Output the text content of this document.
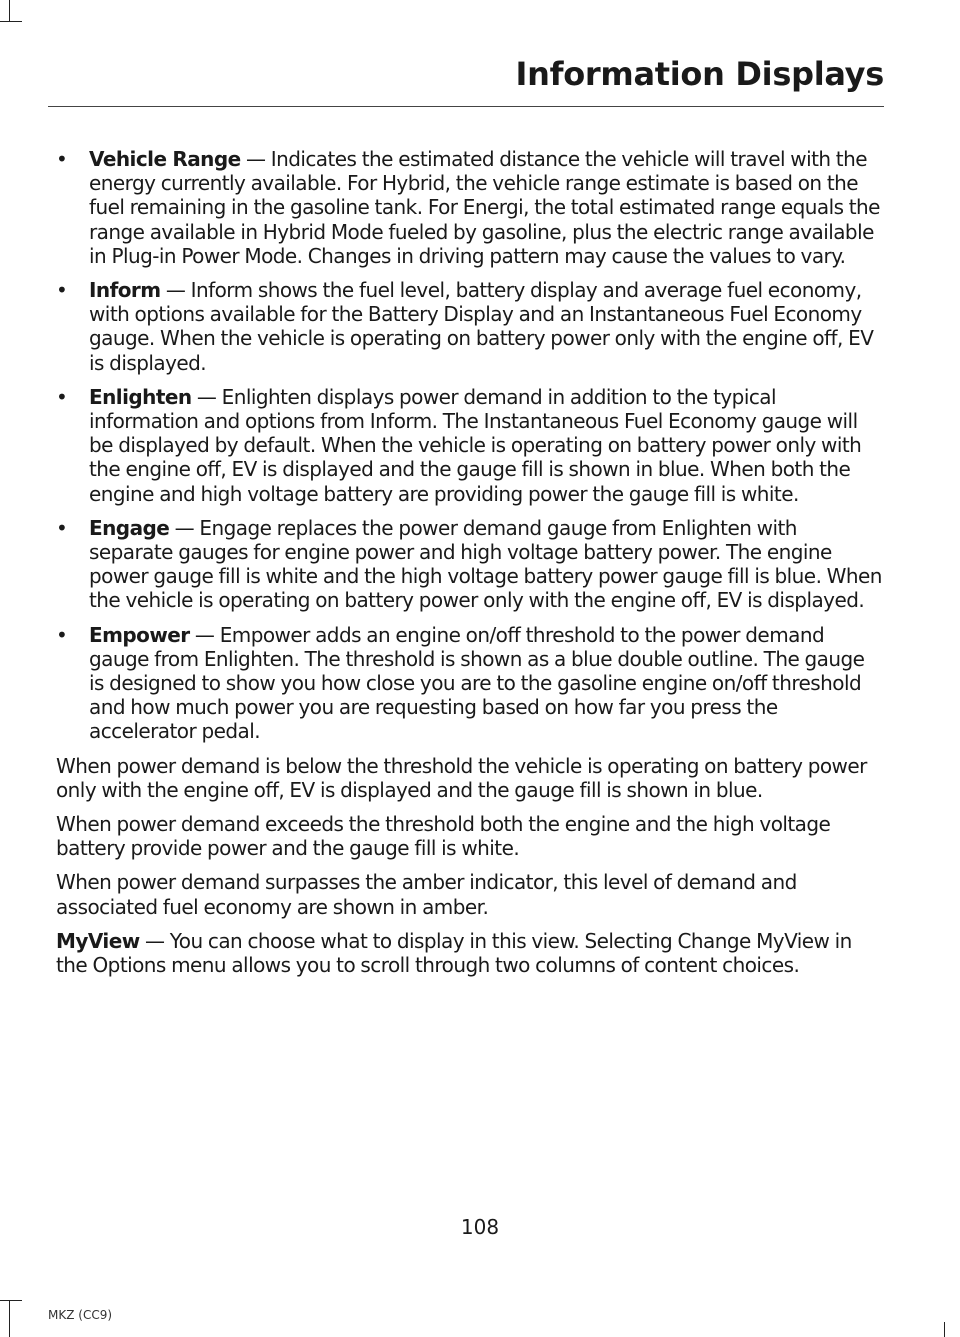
Information Displays
• Vehicle Range — Indicates the estimated distance the vehicle will travel with the energy currently available. For Hybrid, the vehicle range estimate is based on the fuel remaining in the gasoline tank. For Energi, the total estimated range equals the range available in Hybrid Mode fueled by gasoline, plus the electric range available in Plug-in Power Mode. Changes in driving pattern may cause the values to vary.
• Inform — Inform shows the fuel level, battery display and average fuel economy, with options available for the Battery Display and an Instantaneous Fuel Economy gauge. When the vehicle is operating on battery power only with the engine off, EV is displayed.
• Enlighten — Enlighten displays power demand in addition to the typical information and options from Inform. The Instantaneous Fuel Economy gauge will be displayed by default. When the vehicle is operating on battery power only with the engine off, EV is displayed and the gauge fill is shown in blue. When both the engine and high voltage battery are providing power the gauge fill is white.
• Engage — Engage replaces the power demand gauge from Enlighten with separate gauges for engine power and high voltage battery power. The engine power gauge fill is white and the high voltage battery power gauge fill is blue. When the vehicle is operating on battery power only with the engine off, EV is displayed.
• Empower — Empower adds an engine on/off threshold to the power demand gauge from Enlighten. The threshold is shown as a blue double outline. The gauge is designed to show you how close you are to the gasoline engine on/off threshold and how much power you are requesting based on how far you press the accelerator pedal.

When power demand is below the threshold the vehicle is operating on battery power only with the engine off, EV is displayed and the gauge fill is shown in blue.

When power demand exceeds the threshold both the engine and the high voltage battery provide power and the gauge fill is white.

When power demand surpasses the amber indicator, this level of demand and associated fuel economy are shown in amber.

MyView — You can choose what to display in this view. Selecting Change MyView in the Options menu allows you to scroll through two columns of content choices.

108
MKZ (CC9)
